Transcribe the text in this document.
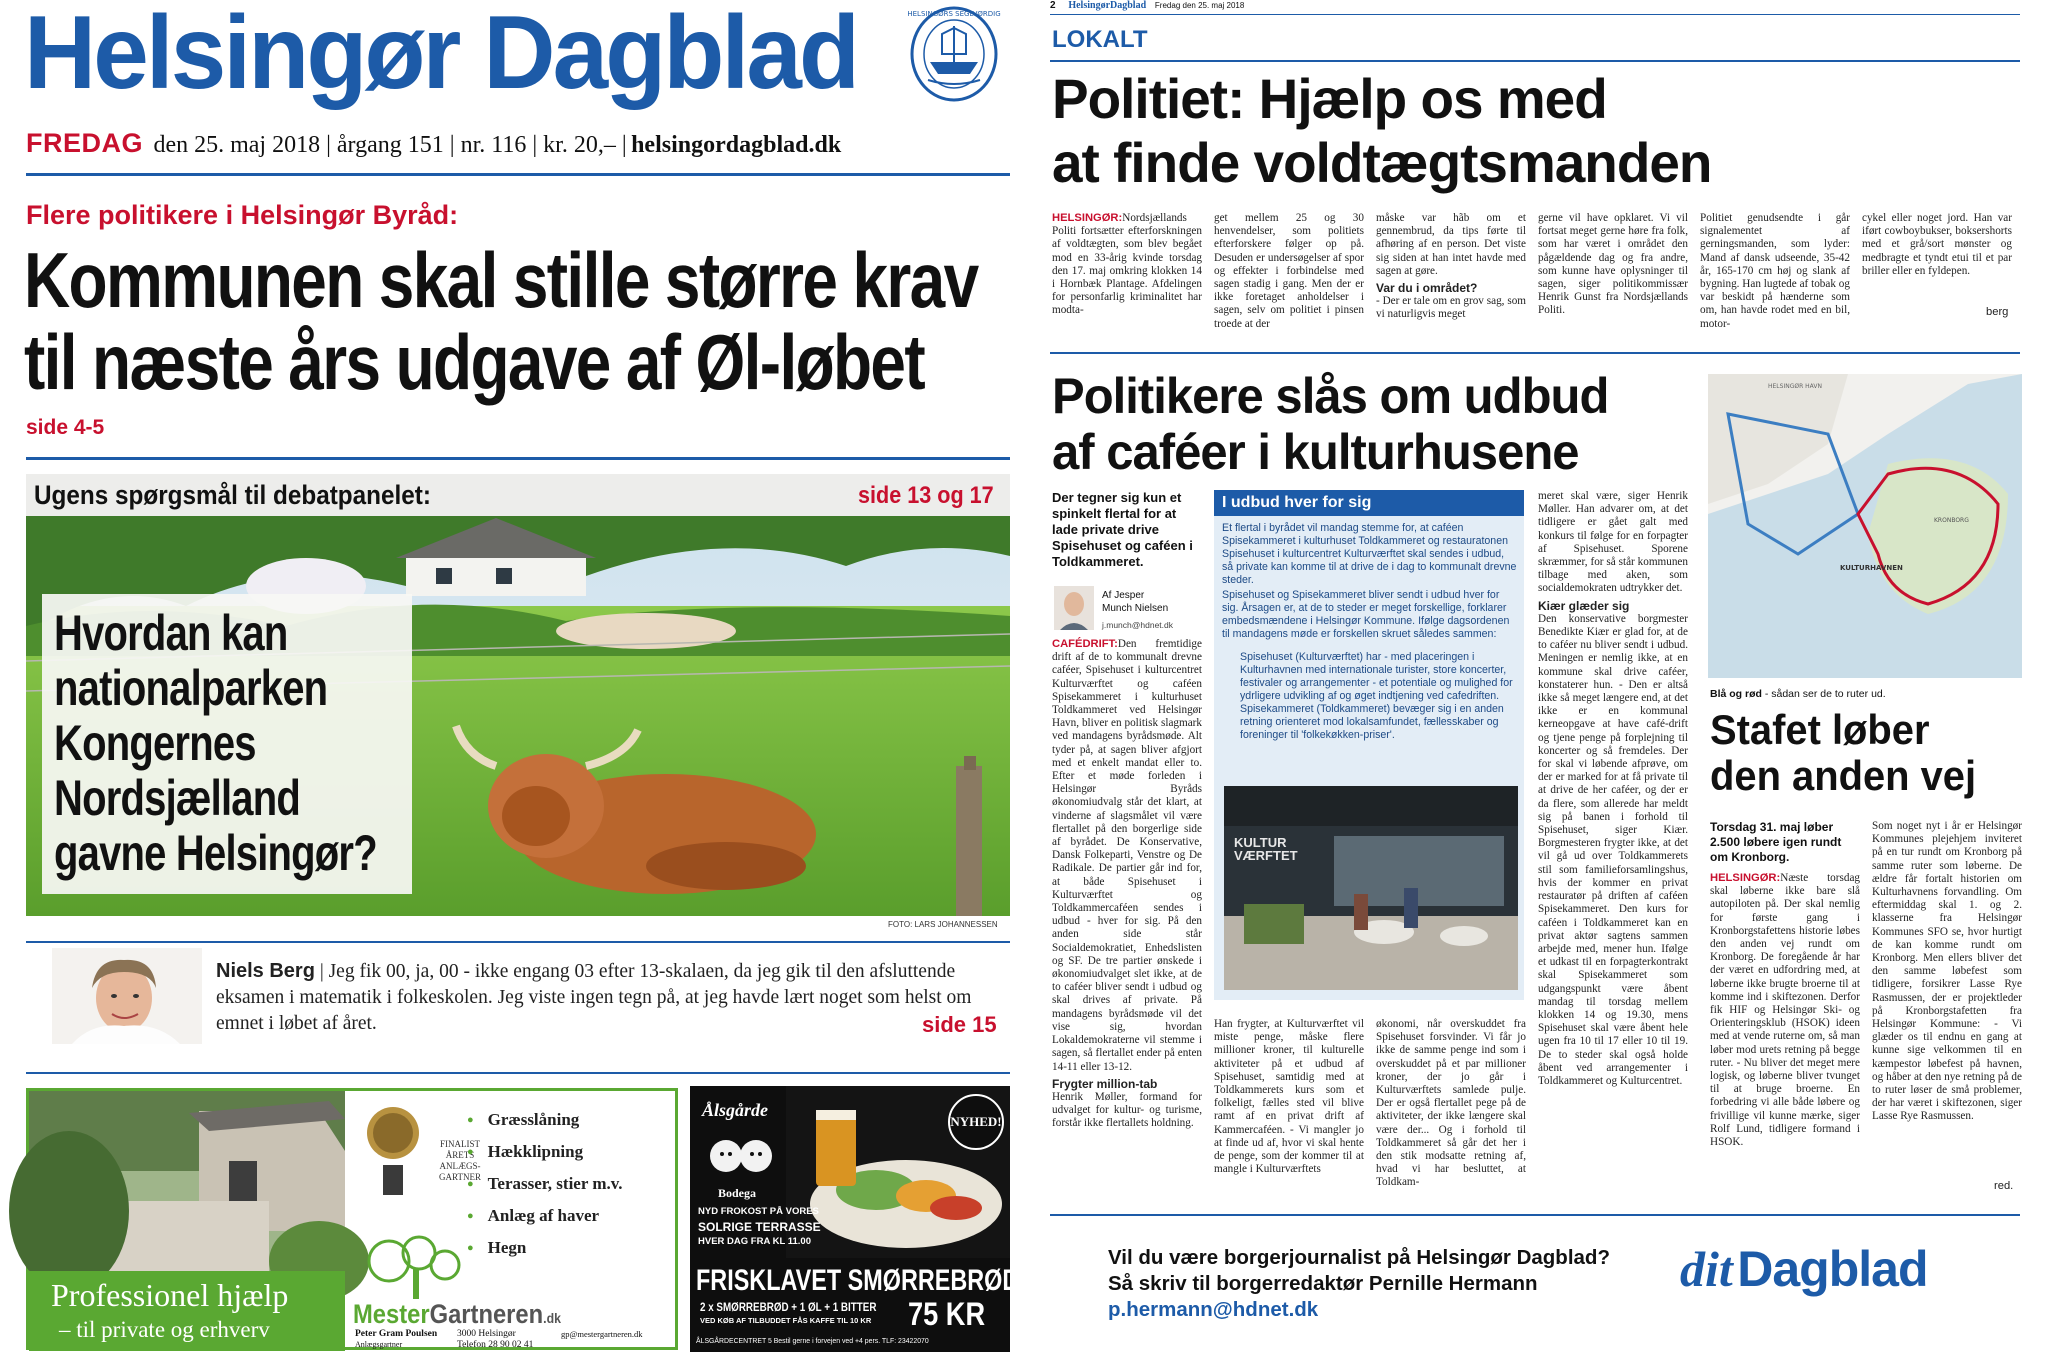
Helsingør Dagblad	HELSINGØRS SEGLVØRDIG
FREDAG den 25. maj 2018 | årgang 151 | nr. 116 | kr. 20,– | helsingordagblad.dk
Flere politikere i Helsingør Byråd:
Kommunen skal stille større krav
til næste års udgave af Øl-løbet
side 4-5
Ugens spørgsmål til debatpanelet:	side 13 og 17
Hvordan kan
nationalparken
Kongernes
Nordsjælland
gavne Helsingør?
FOTO: LARS JOHANNESSEN
Niels Berg | Jeg fik 00, ja, 00 - ikke engang 03 efter 13-skalaen, da jeg gik til den afsluttende eksamen i matematik i folkeskolen. Jeg viste ingen tegn på, at jeg havde lært noget som helst om emnet i løbet af året.	side 15
Professionel hjælp
– til private og erhverv
FINALIST ÅRETS ANLÆGS- GARTNER
● Græsslåning
● Hækklipning
● Terasser, stier m.v.
● Anlæg af haver
● Hegn
MesterGartneren.dk
Peter Gram Poulsen
Anlægsgartner
3000 Helsingør
Telefon 28 90 02 41
gp@mestergartneren.dk
Ålsgårde
Bodega
NYHED!
NYD FROKOST PÅ VORES
SOLRIGE TERRASSE
HVER DAG FRA KL 11.00
FRISKLAVET SMØRREBRØD
2 x SMØRREBRØD + 1 ØL + 1 BITTER
VED KØB AF TILBUDDET FÅS KAFFE TIL 10 KR 75 KR
ÅLSGÅRDECENTRET 5 Bestil gerne i forvejen ved +4 pers. TLF: 23422070
2 HelsingørDagblad Fredag den 25. maj 2018
LOKALT
Politiet: Hjælp os med
at finde voldtægtsmanden
HELSINGØR:Nordsjællands Politi fortsætter efterforskningen af voldtægten, som blev begået mod en 33-årig kvinde torsdag den 17. maj omkring klokken 14 i Hornbæk Plantage. Afdelingen for personfarlig kriminalitet har modta-
get mellem 25 og 30 henvendelser, som politiets efterforskere følger op på. Desuden er undersøgelser af spor og effekter i forbindelse med sagen stadig i gang. Men der er ikke foretaget anholdelser i sagen, selv om politiet i pinsen troede at der
måske var hãb om et gennembrud, da tips førte til afhøring af en person. Det viste sig siden at han intet havde med sagen at gøre.
Var du i området?
- Der er tale om en grov sag, som vi naturligvis meget
gerne vil have opklaret. Vi vil fortsat meget gerne høre fra folk, som har været i området den pågældende dag og fra andre, som kunne have oplysninger til sagen, siger politikommissær Henrik Gunst fra Nordsjællands Politi.
Politiet genudsendte i går signalementet af gerningsmanden, som lyder: Mand af dansk udseende, 35-42 år, 165-170 cm høj og slank af bygning. Han lugtede af tobak og var beskidt på hænderne som om, han havde rodet med en bil, motor-
cykel eller noget jord. Han var iført cowboybukser, boksershorts med et grå/sort mønster og medbragte et tyndt etui til et par briller eller en fyldepen.
berg
Politikere slås om udbud
af caféer i kulturhusene
Der tegner sig kun et spinkelt flertal for at lade private drive Spisehuset og caféen i Toldkammeret.
Af Jesper
Munch Nielsen
j.munch@hdnet.dk
CAFÉDRIFT:Den fremtidige drift af de to kommunalt drevne caféer, Spisehuset i kulturcentret Kulturværftet og caféen Spisekammeret i kulturhuset Toldkammeret ved Helsingør Havn, bliver en politisk slagmark ved mandagens byrådsmøde. Alt tyder på, at sagen bliver afgjort med et enkelt mandat eller to. Efter et møde forleden i Helsingør Byråds økonomiudvalg står det klart, at vinderne af slagsmålet vil være flertallet på den borgerlige side af byrådet. De Konservative, Dansk Folkeparti, Venstre og De Radikale. De partier går ind for, at både Spisehuset i Kulturværftet og Toldkammercaféen sendes i udbud - hver for sig. På den anden side står Socialdemokratiet, Enhedslisten og SF. De tre partier ønskede i økonomiudvalget slet ikke, at de to caféer bliver sendt i udbud og skal drives af private. På mandagens byrådsmøde vil det vise sig, hvordan Lokaldemokraterne vil stemme i sagen, så flertallet ender på enten 14-11 eller 13-12.
Frygter million-tab
Henrik Møller, formand for udvalget for kultur- og turisme, forstår ikke flertallets holdning.
I udbud hver for sig
Et flertal i byrådet vil mandag stemme for, at caféen Spisekammeret i kulturhuset Toldkammeret og restauratonen Spisehuset i kulturcentret Kulturværftet skal sendes i udbud, så private kan komme til at drive de i dag to kommunalt drevne steder.
Spisehuset og Spisekammeret bliver sendt i udbud hver for sig. Årsagen er, at de to steder er meget forskellige, forklarer embedsmændene i Helsingør Kommune. Ifølge dagsordenen til mandagens møde er forskellen skruet således sammen:
Spisehuset (Kulturværftet) har - med placeringen i Kulturhavnen med internationale turister, store koncerter, festivaler og arrangementer - et potentiale og mulighed for ydrligere udvikling af og øget indtjening ved cafedriften.
Spisekammeret (Toldkammeret) bevæger sig i en anden retning orienteret mod lokalsamfundet, fællesskaber og foreninger til 'folkekøkken-priser'.
KULTUR VÆRFTET
Han frygter, at Kulturværftet vil miste penge, måske flere millioner kroner, til kulturelle aktiviteter på et udbud af Spisehuset, samtidig med at Toldkammerets kurs som et folkeligt, fælles sted vil blive ramt af en privat drift af Kammercaféen. - Vi mangler jo at finde ud af, hvor vi skal hente de penge, som der kommer til at mangle i Kulturværftets
økonomi, når overskuddet fra Spisehuset forsvinder. Vi får jo ikke de samme penge ind som i overskuddet på et par millioner kroner, der jo går i Kulturværftets samlede pulje. Der er også flertallet pege på de aktiviteter, der ikke længere skal være der... Og i forhold til Toldkammeret så går det her i den stik modsatte retning af, hvad vi har besluttet, at Toldkam-
meret skal være, siger Henrik Møller. Han advarer om, at det tidligere er gået galt med konkurs til følge for en forpagter af Spisehuset. Sporene skræmmer, for så står kommunen tilbage med aken, som socialdemokraten udtrykker det.
Kiær glæder sig
Den konservative borgmester Benedikte Kiær er glad for, at de to caféer nu bliver sendt i udbud. Meningen er nemlig ikke, at en kommune skal drive caféer, konstaterer hun. - Den er altså ikke så meget længere end, at det ikke er en kommunal kerneopgave at have café-drift og tjene penge på forplejning til koncerter og så fremdeles. Der for skal vi løbende afprøve, om der er marked for at få private til at drive de her caféer, og der er da flere, som allerede har meldt sig på banen i forhold til Spisehuset, siger Kiær. Borgmesteren frygter ikke, at det vil gå ud over Toldkammerets stil som familieforsamlingshus, hvis der kommer en privat restauratør på driften af caféen Spisekammeret. Den kurs for caféen i Toldkammeret kan en privat aktør sagtens sammen arbejde med, mener hun. Ifølge et udkast til en forpagterkontrakt skal Spisekammeret som udgangspunkt være åbent mandag til torsdag mellem klokken 14 og 19.30, mens Spisehuset skal være åbent hele ugen fra 10 til 17 eller 10 til 19. De to steder skal også holde åbent ved arrangementer i Toldkammeret og Kulturcentret.
HELSINGØR HAVN
KULTURHAVNEN
KRONBORG
Blå og rød - sådan ser de to ruter ud.
Stafet løber
den anden vej
Torsdag 31. maj løber 2.500 løbere igen rundt om Kronborg.
HELSINGØR:Næste torsdag skal løberne ikke bare slå autopiloten på. Der skal nemlig for første gang i Kronborgstafettens historie løbes den anden vej rundt om Kronborg. De foregående år har der været en udfordring med, at løberne ikke brugte broerne til at komme ind i skiftezonen. Derfor fik HIF og Helsingør Ski- og Orienteringsklub (HSOK) ideen med at vende ruterne om, så man løber mod urets retning på begge ruter. - Nu bliver det meget mere logisk, og løberne bliver tvunget til at bruge broerne. En forbedring vi alle både løbere og frivillige vil kunne mærke, siger Rolf Lund, tidligere formand i HSOK.
Som noget nyt i år er Helsingør Kommunes plejehjem inviteret på en tur rundt om Kronborg på samme ruter som løberne. De ældre får fortalt historien om Kulturhavnens forvandling. Om eftermiddag skal 1. og 2. klasserne fra Helsingør Kommunes SFO se, hvor hurtigt de kan komme rundt om Kronborg. Men ellers bliver det den samme løbefest som tidligere, forsikrer Lasse Rye Rasmussen, der er projektleder på Kronborgstafetten fra Helsingør Kommune: - Vi glæder os til endnu en gang at kunne sige velkommen til en kæmpestor løbefest på havnen, og håber at den nye retning på de to ruter løser de små problemer, der har været i skiftezonen, siger Lasse Rye Rasmussen.
red.
Vil du være borgerjournalist på Helsingør Dagblad?
Så skriv til borgerredaktør Pernille Hermann
p.hermann@hdnet.dk
dit Dagblad
